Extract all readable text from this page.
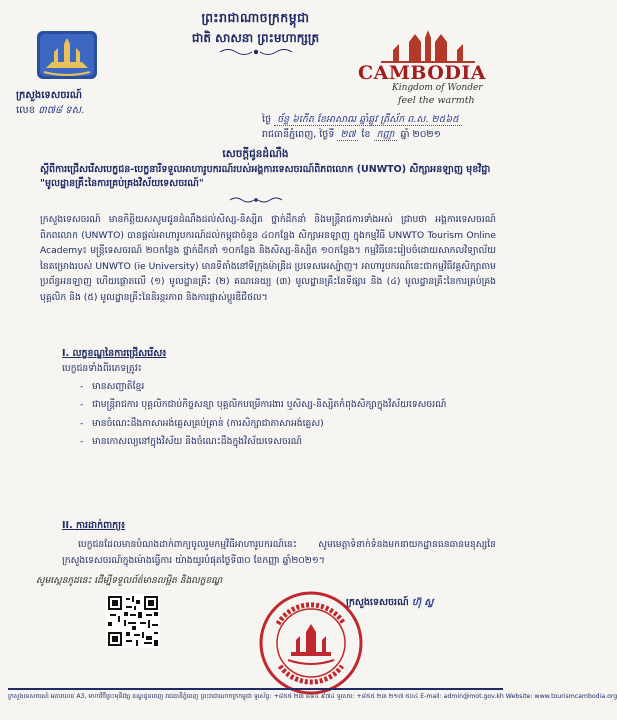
ព្រះរាជាណាចក្រកម្ពុជា
ជាតិ សាសនា ព្រះមហាក្សត្រ
ក្រសួងទេសចរណ៍
លេខ ៣៧៨ ទស.
CAMBODIA
Kingdom of Wonder
feel the warmth
ថ្ងៃ ច័ន្ទ ៦កើត ខែអាសាឍ ឆ្នាំឆ្លូវ ត្រីស័ក ព.ស. ២៥៦៥
រាជធានីភ្នំពេញ, ថ្ងៃទី ២៧ ខែ កញ្ញា ឆ្នាំ ២០២១
សេចក្តីជូនដំណឹង
ស្តីពីការជ្រើសរើសបេក្ខជន-បេក្ខនារីទទួលអាហារូបករណ៍របស់អង្គការទេសចរណ៍ពិភពលោក (UNWTO) សិក្សាអនឡាញ មុខវិជ្ជា "មូលដ្ឋានគ្រឹះនៃការគ្រប់គ្រងវិស័យទេសចរណ៍"
ក្រសួងទេសចរណ៍ មានកិត្តិយសសូមជូនដំណឹងដល់សិស្ស-និស្សិត ថ្នាក់ដឹកនាំ និងមន្ត្រីរាជការទាំងអស់ ជ្រាបថា អង្គការទេសចរណ៍ពិភពលោក (UNWTO) បានផ្តល់អាហារូបករណ៍ដល់កម្ពុជាចំនួន ៤០កន្លែង សិក្សាអនឡាញ ក្នុងកម្មវិធី UNWTO Tourism Online Academy៖ មន្ត្រីទេសចរណ៍ ២០កន្លែង ថ្នាក់ដឹកនាំ ១០កន្លែង និងសិស្ស-និស្សិត ១០កន្លែង។ កម្មវិធីនេះរៀបចំដោយសាកលវិទ្យាល័យនៃគម្រោងរបស់ UNWTO (ie University) មានទីតាំងនៅទីក្រុងម៉ាឌ្រីដ ប្រទេសអេស្ប៉ាញ។ អាហារូបករណ៍នេះជាកម្មវិធីវគ្គសិក្សាតាមប្រព័ន្ធអនឡាញ ហើយផ្តោតលើ (១) មូលដ្ឋានគ្រឹះ (២) គណនេយ្យ (៣) មូលដ្ឋានគ្រឹះនៃទីផ្សារ និង (៤) មូលដ្ឋានគ្រឹះនៃការគ្រប់គ្រងបុគ្គលិក និង (៥) មូលដ្ឋានគ្រឹះនៃនិរន្តរភាព និងការផ្លាស់ប្តូរឌីជីថល។
I. លក្ខខណ្ឌនៃការជ្រើសរើស៖
បេក្ខជនទាំងពីរភេទត្រូវ៖
- មានសញ្ជាតិខ្មែរ
- ជាមន្ត្រីរាជការ បុគ្គលិកជាប់កិច្ចសន្យា បុគ្គលិកបម្រើការងារ ឬសិស្ស-និស្សិតកំពុងសិក្សាក្នុងវិស័យទេសចរណ៍
- មានចំណេះដឹងភាសាអង់គ្លេសគ្រប់គ្រាន់ (ការសិក្សាជាភាសាអង់គ្លេស)
- មានកោសល្យនៅក្នុងវិស័យ និងចំណេះដឹងក្នុងវិស័យទេសចរណ៍
II. ការដាក់ពាក្យ៖
បេក្ខជនដែលមានបំណងដាក់ពាក្យចូលរួមកម្មវិធីអាហារូបករណ៍នេះ សូមមេត្តាទំនាក់ទំនងមកនាយកដ្ឋានធនធានមនុស្សនៃក្រសួងទេសចរណ៍ក្នុងម៉ោងធ្វើការ យ៉ាងយូរបំផុតថ្ងៃទី៣០ ខែកញ្ញា ឆ្នាំ២០២១។
ក្រសួងទេសចរណ៍ ហ៊ុ ស្ល
សូមស្កេនកូដនេះ ដើម្បីទទួលព័ត៌មានលម្អិត និងលក្ខខណ្ឌ
ក្រសួងទេសចរណ៍ អគារលេខ A3, មហាវិថីព្រះមុនីវង្ស ខណ្ឌដូនពេញ រាជធានីភ្នំពេញ ព្រះរាជាណាចក្រកម្ពុជា ទូរស័ព្ទ: +៨៥៥ ២៣ ៨៨៤ ៩៧៤ ទូរសារ: +៨៥៥ ២៣ ២១៧ ៥០៤ E-mail: admin@mot.gov.kh Website: www.tourismcambodia.org
